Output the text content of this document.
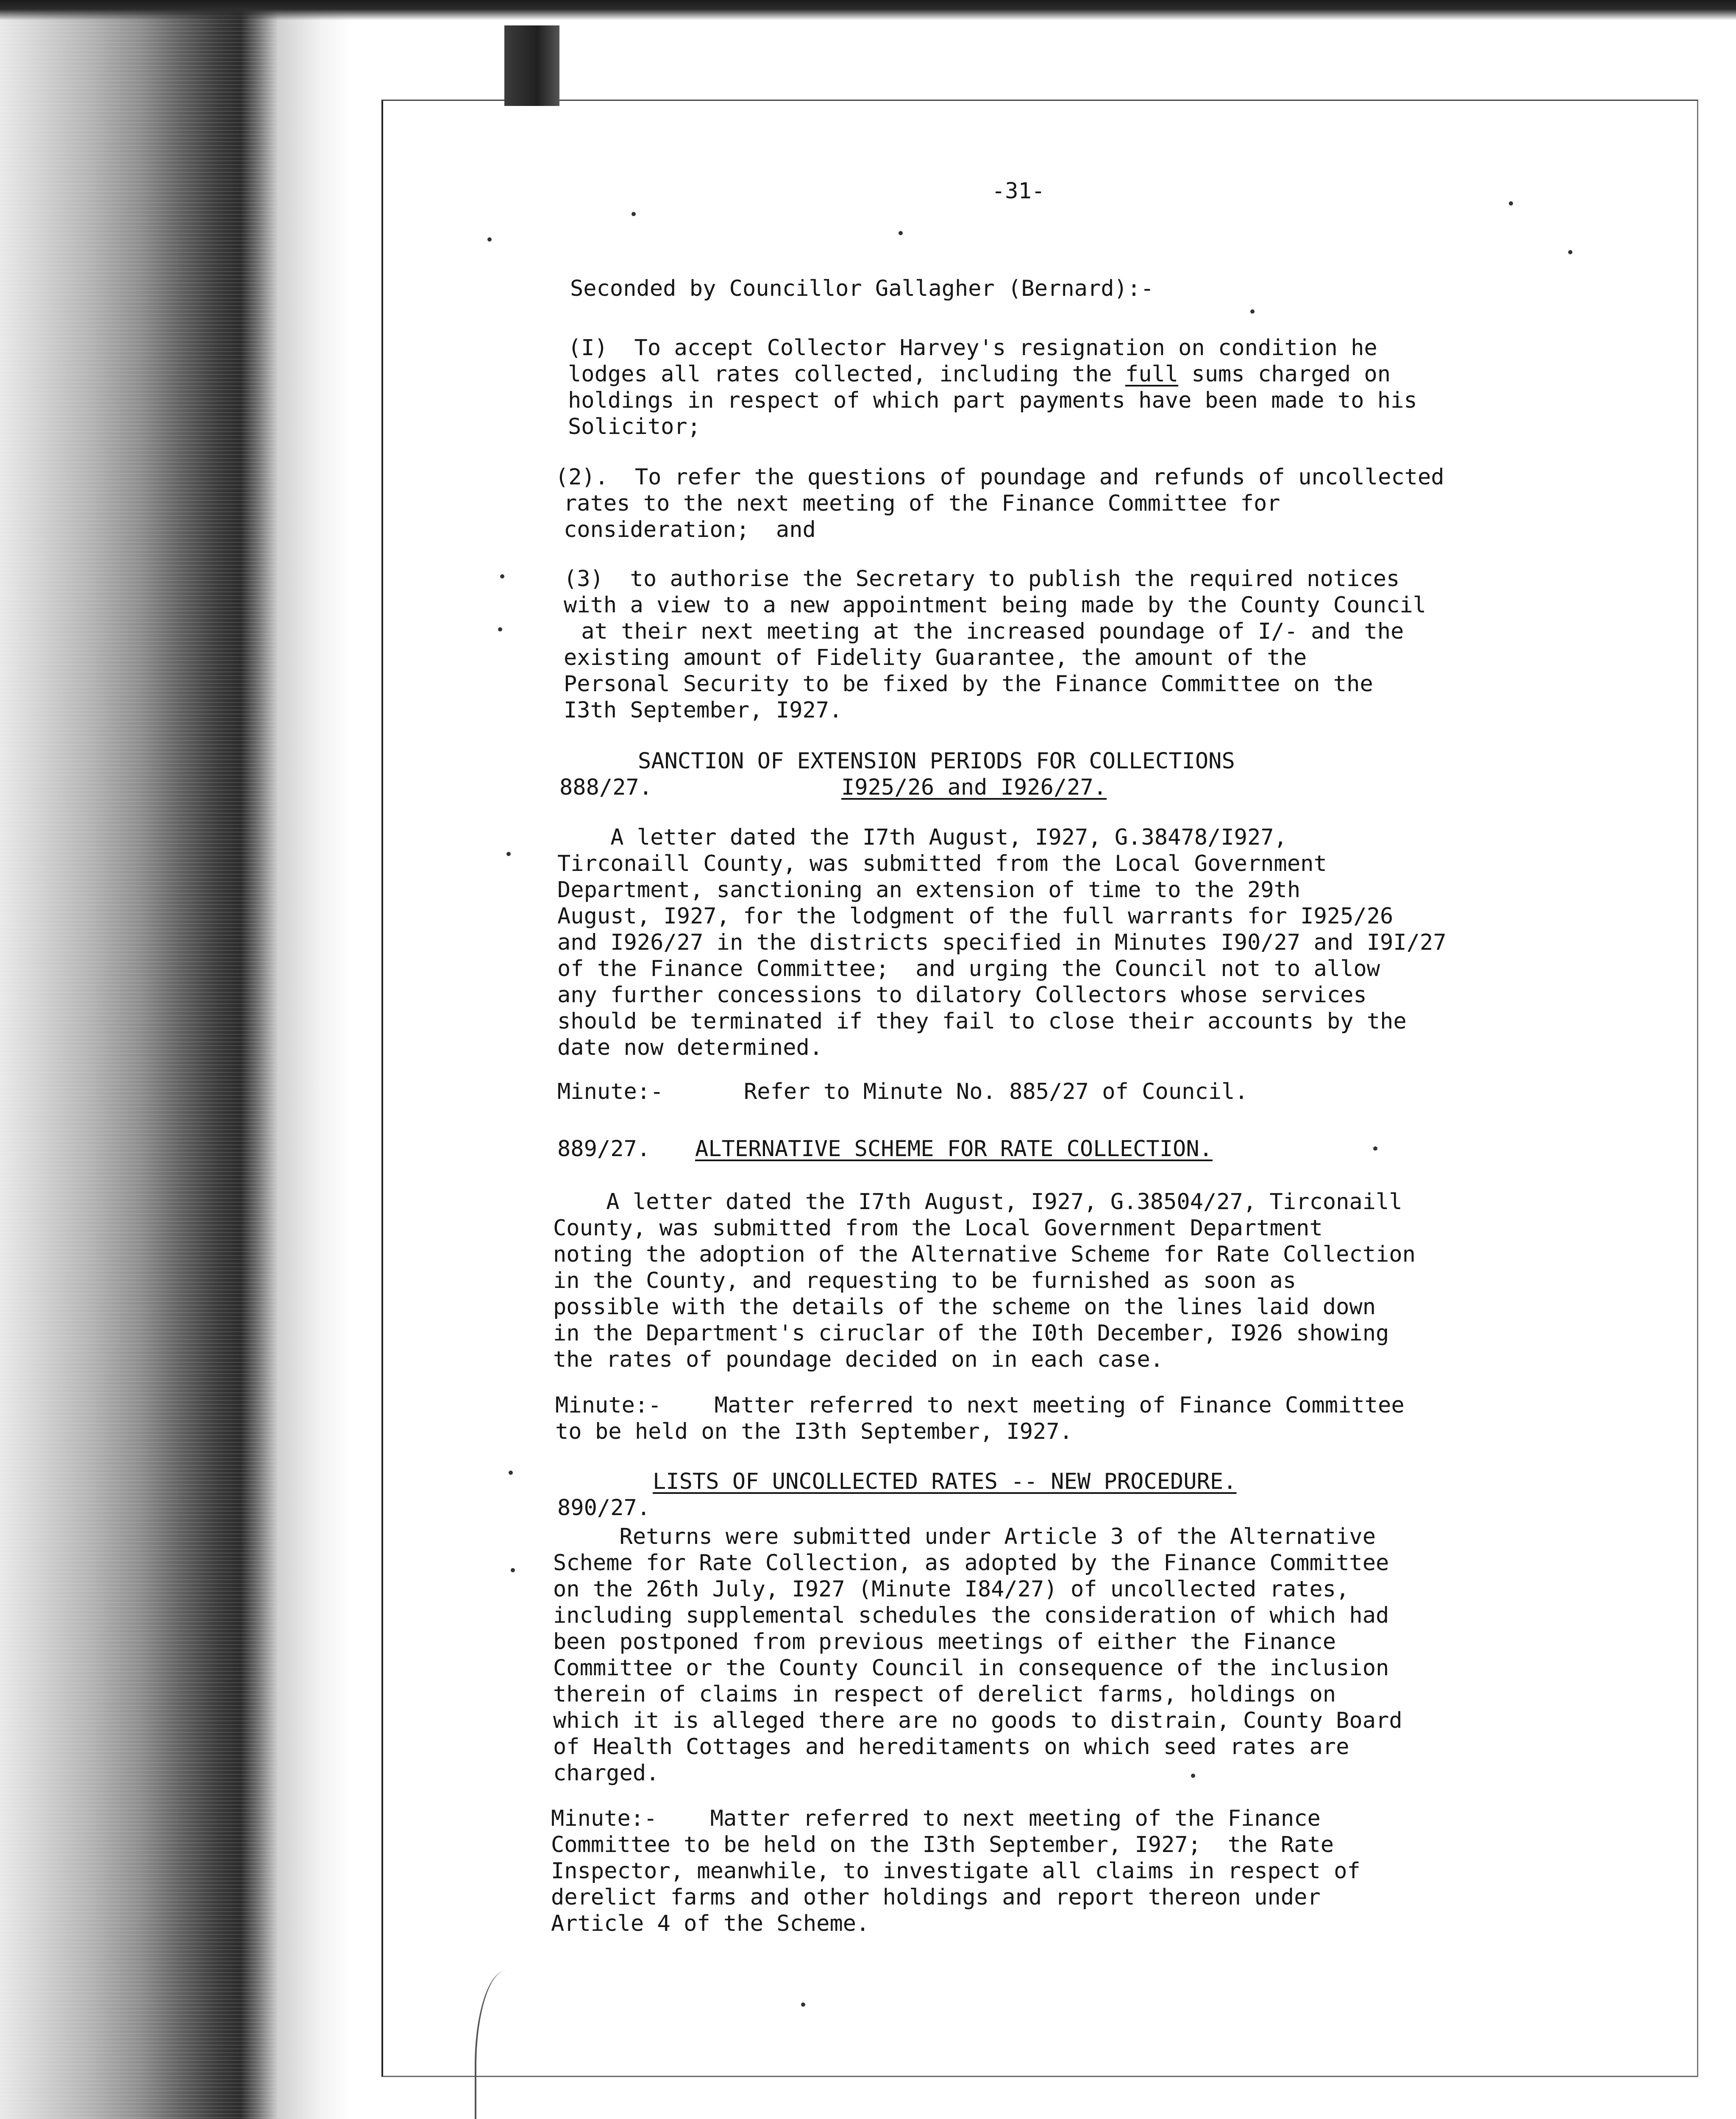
-31-

Seconded by Councillor Gallagher (Bernard):-

(I)  To accept Collector Harvey's resignation on condition he

lodges all rates collected, including the full sums charged on

holdings in respect of which part payments have been made to his

Solicitor;

(2).  To refer the questions of poundage and refunds of uncollected

rates to the next meeting of the Finance Committee for

consideration;  and

(3)  to authorise the Secretary to publish the required notices

with a view to a new appointment being made by the County Council

at their next meeting at the increased poundage of I/- and the

existing amount of Fidelity Guarantee, the amount of the

Personal Security to be fixed by the Finance Committee on the

I3th September, I927.

SANCTION OF EXTENSION PERIODS FOR COLLECTIONS

888/27.	I925/26 and I926/27.

A letter dated the I7th August, I927, G.38478/I927,

Tirconaill County, was submitted from the Local Government

Department, sanctioning an extension of time to the 29th

August, I927, for the lodgment of the full warrants for I925/26

and I926/27 in the districts specified in Minutes I90/27 and I9I/27

of the Finance Committee;  and urging the Council not to allow

any further concessions to dilatory Collectors whose services

should be terminated if they fail to close their accounts by the

date now determined.

Minute:-	Refer to Minute No. 885/27 of Council.

889/27. ALTERNATIVE SCHEME FOR RATE COLLECTION.

A letter dated the I7th August, I927, G.38504/27, Tirconaill

County, was submitted from the Local Government Department

noting the adoption of the Alternative Scheme for Rate Collection

in the County, and requesting to be furnished as soon as

possible with the details of the scheme on the lines laid down

in the Department's ciruclar of the I0th December, I926 showing

the rates of poundage decided on in each case.

Minute:-    Matter referred to next meeting of Finance Committee

to be held on the I3th September, I927.

LISTS OF UNCOLLECTED RATES -- NEW PROCEDURE.

890/27.

Returns were submitted under Article 3 of the Alternative

Scheme for Rate Collection, as adopted by the Finance Committee

on the 26th July, I927 (Minute I84/27) of uncollected rates,

including supplemental schedules the consideration of which had

been postponed from previous meetings of either the Finance

Committee or the County Council in consequence of the inclusion

therein of claims in respect of derelict farms, holdings on

which it is alleged there are no goods to distrain, County Board

of Health Cottages and hereditaments on which seed rates are

charged.

Minute:-    Matter referred to next meeting of the Finance

Committee to be held on the I3th September, I927;  the Rate

Inspector, meanwhile, to investigate all claims in respect of

derelict farms and other holdings and report thereon under

Article 4 of the Scheme.
